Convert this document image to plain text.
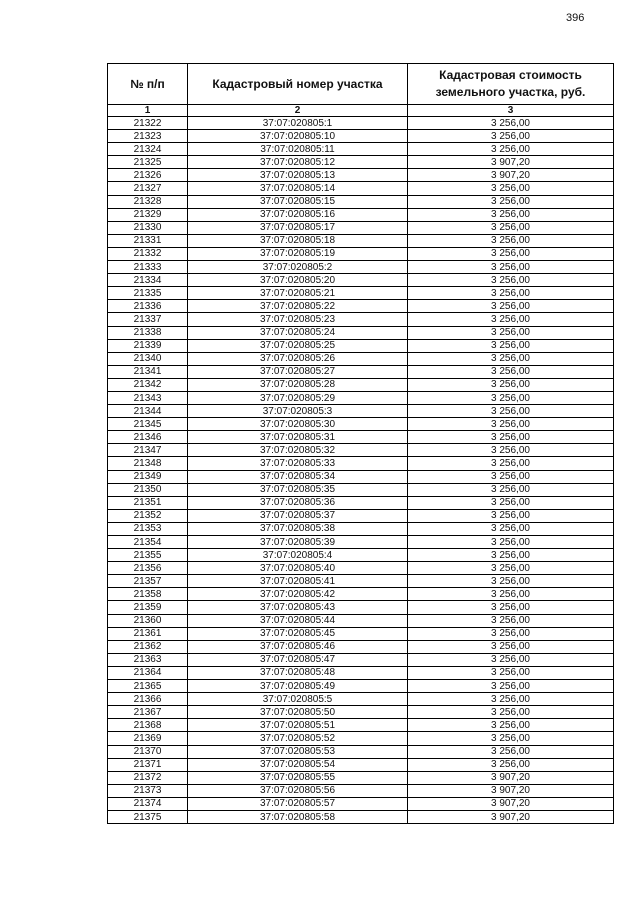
396
№ п/п	Кадастровый номер участка	Кадастровая стоимость
земельного участка, руб.

1	2	3
21322	37:07:020805:1	3 256,00
21323	37:07:020805:10	3 256,00
21324	37:07:020805:11	3 256,00
21325	37:07:020805:12	3 907,20
21326	37:07:020805:13	3 907,20
21327	37:07:020805:14	3 256,00
21328	37:07:020805:15	3 256,00
21329	37:07:020805:16	3 256,00
21330	37:07:020805:17	3 256,00
21331	37:07:020805:18	3 256,00
21332	37:07:020805:19	3 256,00
21333	37:07:020805:2	3 256,00
21334	37:07:020805:20	3 256,00
21335	37:07:020805:21	3 256,00
21336	37:07:020805:22	3 256,00
21337	37:07:020805:23	3 256,00
21338	37:07:020805:24	3 256,00
21339	37:07:020805:25	3 256,00
21340	37:07:020805:26	3 256,00
21341	37:07:020805:27	3 256,00
21342	37:07:020805:28	3 256,00
21343	37:07:020805:29	3 256,00
21344	37:07:020805:3	3 256,00
21345	37:07:020805:30	3 256,00
21346	37:07:020805:31	3 256,00
21347	37:07:020805:32	3 256,00
21348	37:07:020805:33	3 256,00
21349	37:07:020805:34	3 256,00
21350	37:07:020805:35	3 256,00
21351	37:07:020805:36	3 256,00
21352	37:07:020805:37	3 256,00
21353	37:07:020805:38	3 256,00
21354	37:07:020805:39	3 256,00
21355	37:07:020805:4	3 256,00
21356	37:07:020805:40	3 256,00
21357	37:07:020805:41	3 256,00
21358	37:07:020805:42	3 256,00
21359	37:07:020805:43	3 256,00
21360	37:07:020805:44	3 256,00
21361	37:07:020805:45	3 256,00
21362	37:07:020805:46	3 256,00
21363	37:07:020805:47	3 256,00
21364	37:07:020805:48	3 256,00
21365	37:07:020805:49	3 256,00
21366	37:07:020805:5	3 256,00
21367	37:07:020805:50	3 256,00
21368	37:07:020805:51	3 256,00
21369	37:07:020805:52	3 256,00
21370	37:07:020805:53	3 256,00
21371	37:07:020805:54	3 256,00
21372	37:07:020805:55	3 907,20
21373	37:07:020805:56	3 907,20
21374	37:07:020805:57	3 907,20
21375	37:07:020805:58	3 907,20
